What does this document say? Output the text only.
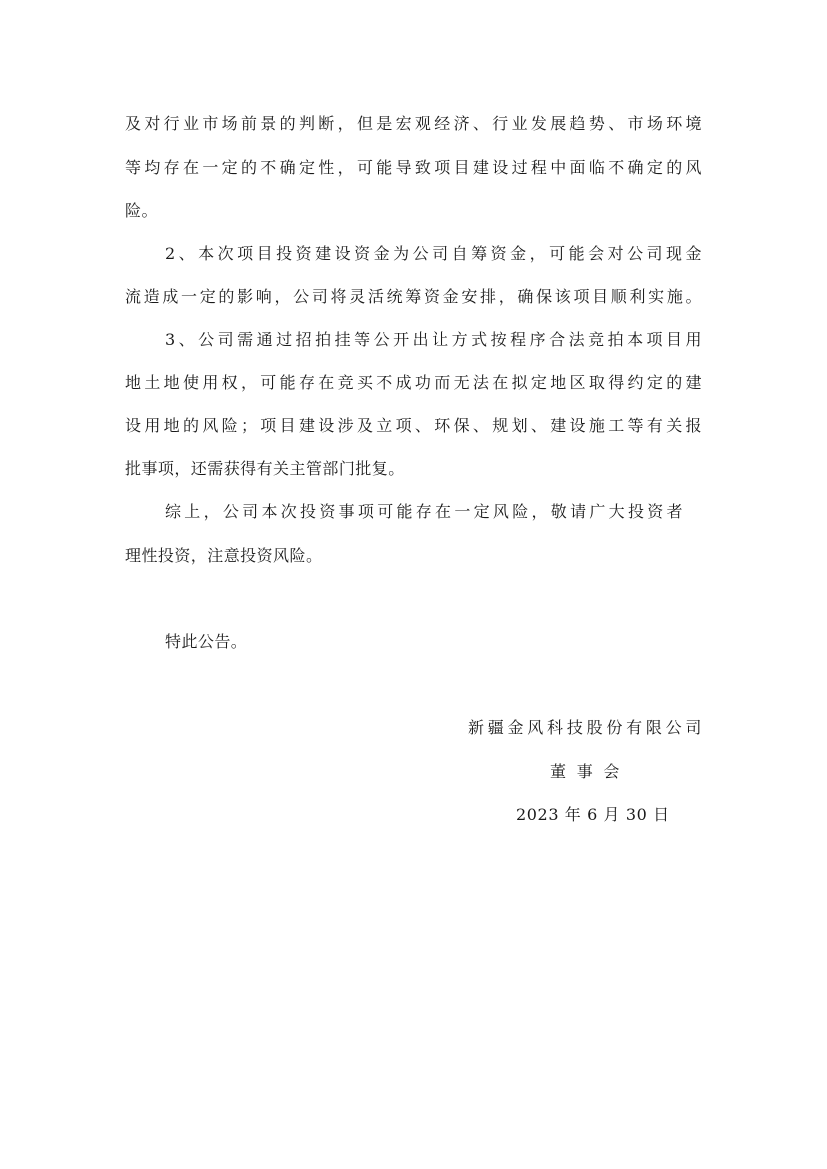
及对行业市场前景的判断，但是宏观经济、行业发展趋势、市场环境
等均存在一定的不确定性，可能导致项目建设过程中面临不确定的风
险。
2、本次项目投资建设资金为公司自筹资金，可能会对公司现金
流造成一定的影响，公司将灵活统筹资金安排，确保该项目顺利实施。
3、公司需通过招拍挂等公开出让方式按程序合法竞拍本项目用
地土地使用权，可能存在竞买不成功而无法在拟定地区取得约定的建
设用地的风险；项目建设涉及立项、环保、规划、建设施工等有关报
批事项，还需获得有关主管部门批复。
综上，公司本次投资事项可能存在一定风险，敬请广大投资者
理性投资，注意投资风险。
特此公告。
新疆金风科技股份有限公司
董事会
2023 年 6 月 30 日
